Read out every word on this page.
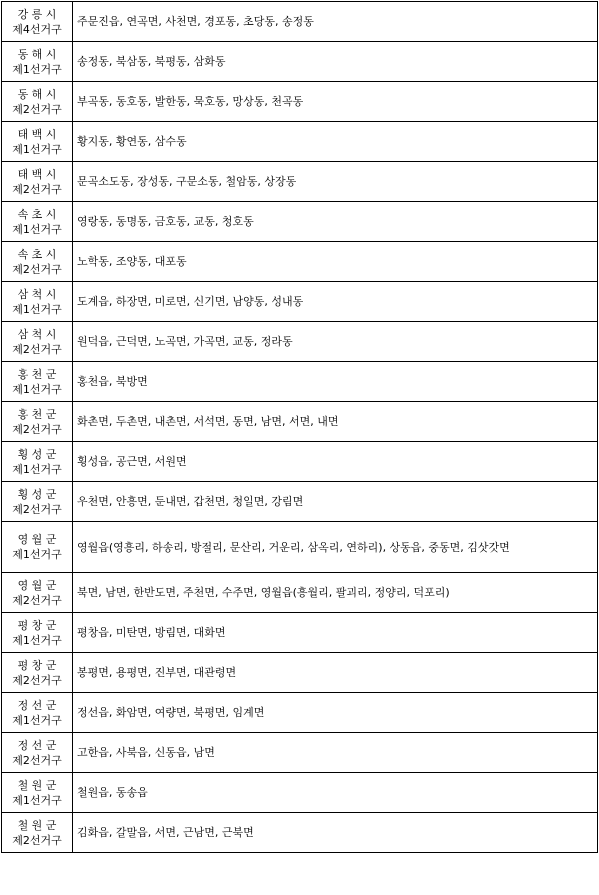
강 릉 시
제4선거구	주문진읍, 연곡면, 사천면, 경포동, 초당동, 송정동

동 해 시
제1선거구	송정동, 북삼동, 북평동, 삼화동

동 해 시
제2선거구	부곡동, 동호동, 발한동, 묵호동, 망상동, 천곡동

태 백 시
제1선거구	황지동, 황연동, 삼수동

태 백 시
제2선거구	문곡소도동, 장성동, 구문소동, 철암동, 상장동

속 초 시
제1선거구	영랑동, 동명동, 금호동, 교동, 청호동

속 초 시
제2선거구	노학동, 조양동, 대포동

삼 척 시
제1선거구	도계읍, 하장면, 미로면, 신기면, 남양동, 성내동

삼 척 시
제2선거구	원덕읍, 근덕면, 노곡면, 가곡면, 교동, 정라동

홍 천 군
제1선거구	홍천읍, 북방면

홍 천 군
제2선거구	화촌면, 두촌면, 내촌면, 서석면, 동면, 남면, 서면, 내면

횡 성 군
제1선거구	횡성읍, 공근면, 서원면

횡 성 군
제2선거구	우천면, 안흥면, 둔내면, 갑천면, 청일면, 강림면

영 월 군
제1선거구	영월읍(영흥리, 하송리, 방절리, 문산리, 거운리, 삼옥리, 연하리), 상동읍, 중동면, 김삿갓면

영 월 군
제2선거구	북면, 남면, 한반도면, 주천면, 수주면, 영월읍(흥월리, 팔괴리, 정양리, 덕포리)

평 창 군
제1선거구	평창읍, 미탄면, 방림면, 대화면

평 창 군
제2선거구	봉평면, 용평면, 진부면, 대관령면

정 선 군
제1선거구	정선읍, 화암면, 여량면, 북평면, 임계면

정 선 군
제2선거구	고한읍, 사북읍, 신동읍, 남면

철 원 군
제1선거구	철원읍, 동송읍

철 원 군
제2선거구	김화읍, 갈말읍, 서면, 근남면, 근북면
